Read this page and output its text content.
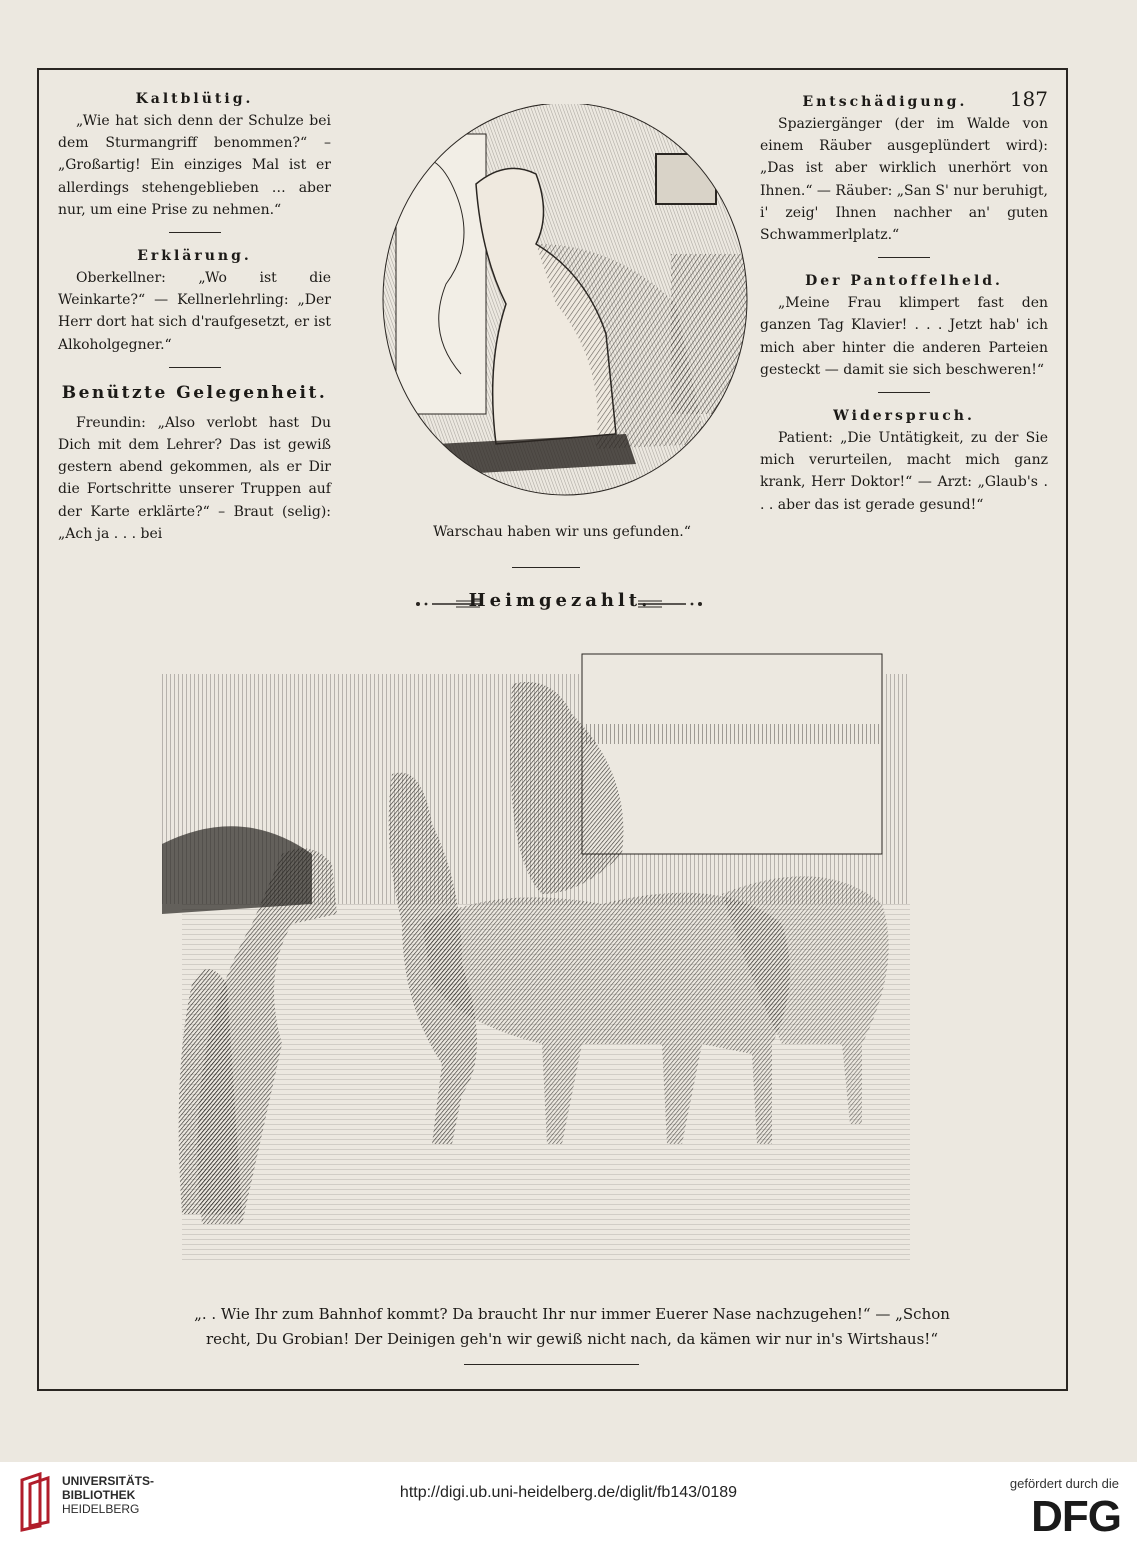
Kaltblütig.

„Wie hat sich denn der Schulze bei dem Sturmangriff benommen?“ – „Großartig! Ein einziges Mal ist er allerdings stehengeblieben … aber nur, um eine Prise zu nehmen.“

Erklärung.

Oberkellner: „Wo ist die Weinkarte?“ — Kellnerlehrling: „Der Herr dort hat sich d'raufgesetzt, er ist Alkoholgegner.“

Benützte Gelegenheit.

Freundin: „Also verlobt hast Du Dich mit dem Lehrer? Das ist gewiß gestern abend gekommen, als er Dir die Fortschritte unserer Truppen auf der Karte erklärte?“ – Braut (selig): „Ach ja . . . bei

Entschädigung.	187

Spaziergänger (der im Walde von einem Räuber ausgeplündert wird): „Das ist aber wirklich unerhört von Ihnen.“ — Räuber: „San S' nur beruhigt, i' zeig' Ihnen nachher an' guten Schwammerlplatz.“

Der Pantoffelheld.

„Meine Frau klimpert fast den ganzen Tag Klavier! . . . Jetzt hab' ich mich aber hinter die anderen Parteien gesteckt — damit sie sich beschweren!“

Widerspruch.

Patient: „Die Untätigkeit, zu der Sie mich verurteilen, macht mich ganz krank, Herr Doktor!“ — Arzt: „Glaub's . . . aber das ist gerade gesund!“

Warschau haben wir uns gefunden.“
Heimgezahlt.
„. . Wie Ihr zum Bahnhof kommt? Da braucht Ihr nur immer Euerer Nase nachzugehen!“ — „Schon
recht, Du Grobian! Der Deinigen geh'n wir gewiß nicht nach, da kämen wir nur in's Wirtshaus!“
UNIVERSITÄTS-
BIBLIOTHEK
HEIDELBERG
http://digi.ub.uni-heidelberg.de/diglit/fb143/0189
gefördert durch die
DFG
